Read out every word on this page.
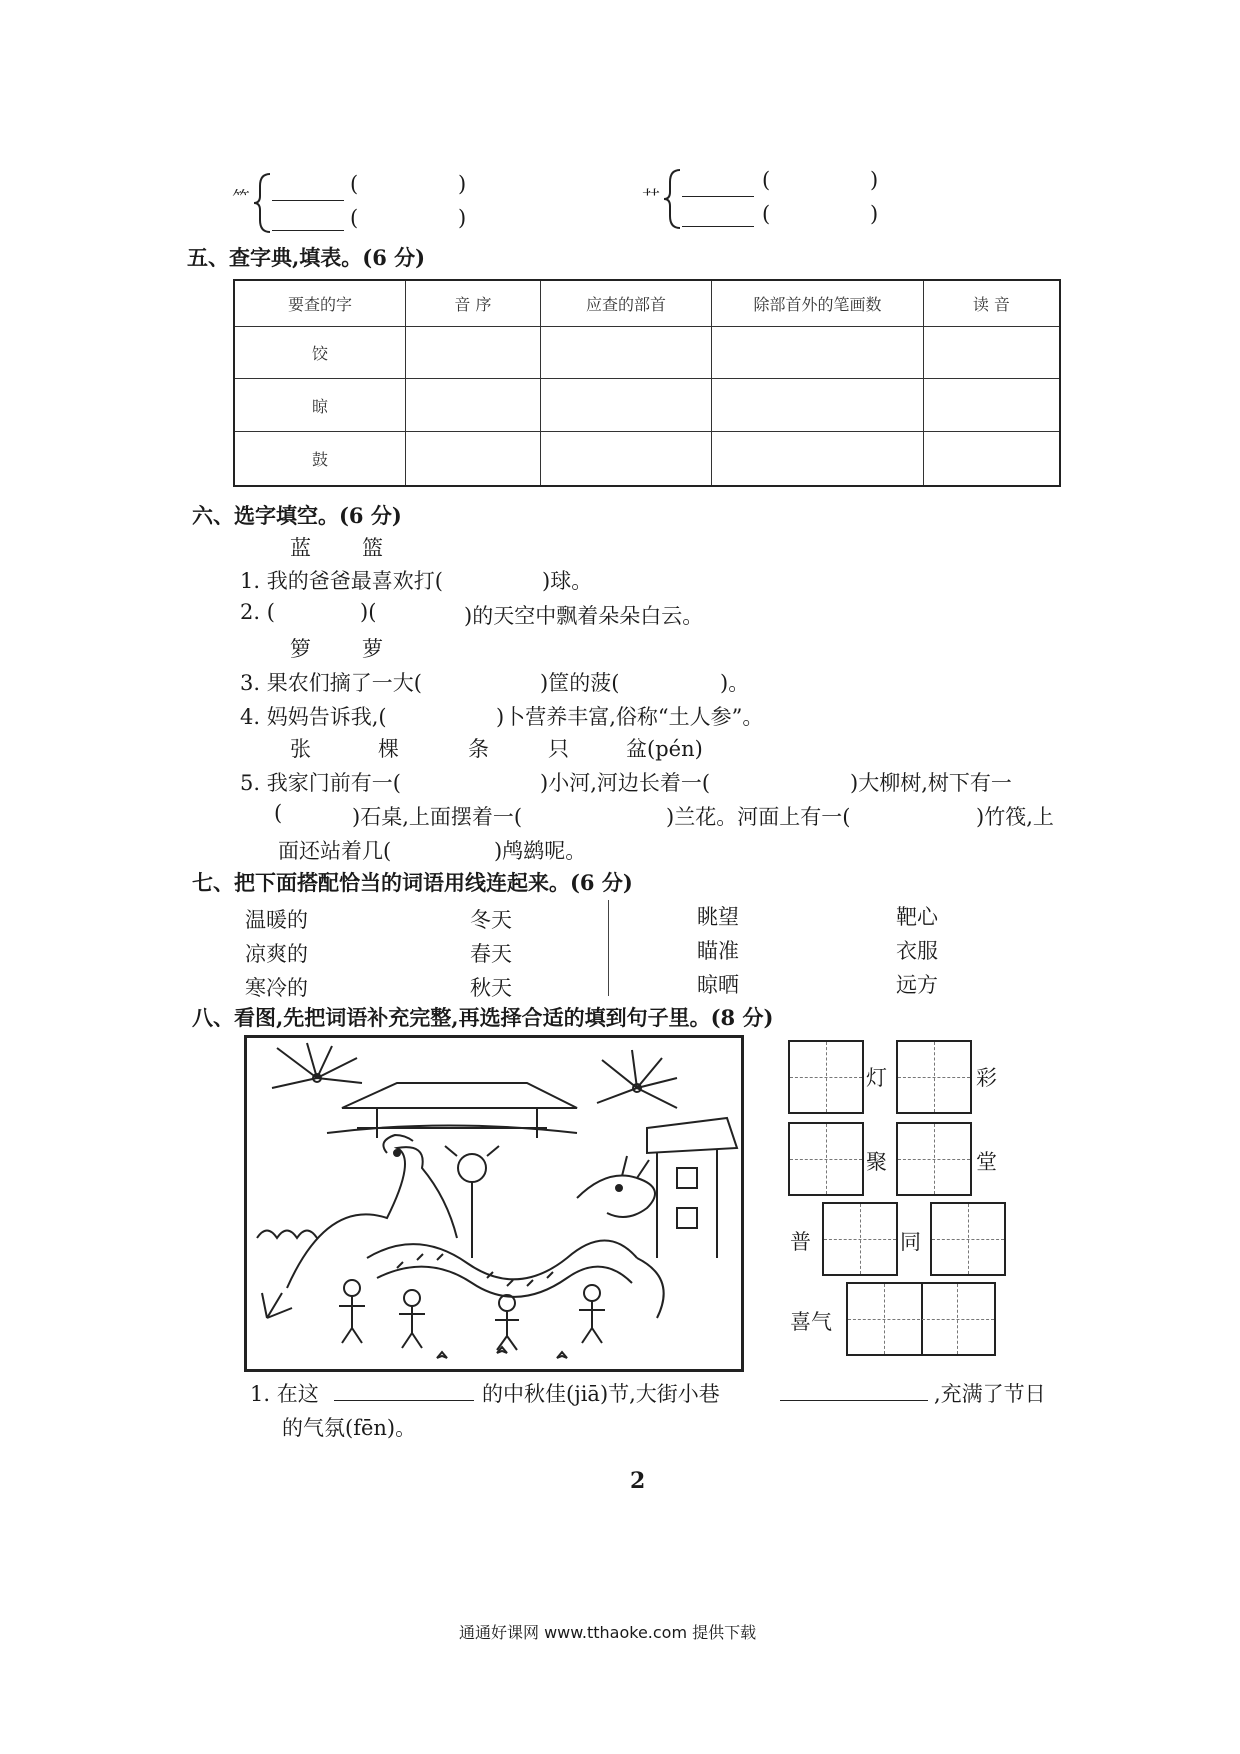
⺮
(	)
(	)
⺿
(	)
(	)
五、查字典,填表。(6 分)
要查的字	音 序	应查的部首	除部首外的笔画数	读 音
饺				
晾				
鼓				
六、选字填空。(6 分)
蓝 篮
1. 我的爸爸最喜欢打(	)球。
2. (	)(	)的天空中飘着朵朵白云。
箩 萝
3. 果农们摘了一大(	)筐的菠(	)。
4. 妈妈告诉我,(	)卜营养丰富,俗称“土人参”。
张	棵	条	只	盆(pén)
5. 我家门前有一(	)小河,河边长着一(	)大柳树,树下有一
(	)石桌,上面摆着一(	)兰花。河面上有一(	)竹筏,上
面还站着几(	)鸬鹚呢。
七、把下面搭配恰当的词语用线连起来。(6 分)
温暖的
凉爽的
寒冷的
冬天
春天
秋天
眺望
瞄准
晾晒
靶心
衣服
远方
八、看图,先把词语补充完整,再选择合适的填到句子里。(8 分)
灯	彩
聚	堂
普	同
喜气
1. 在这	的中秋佳(jiā)节,大街小巷	,充满了节日
的气氛(fēn)。
2
通通好课网 www.tthaoke.com 提供下载
